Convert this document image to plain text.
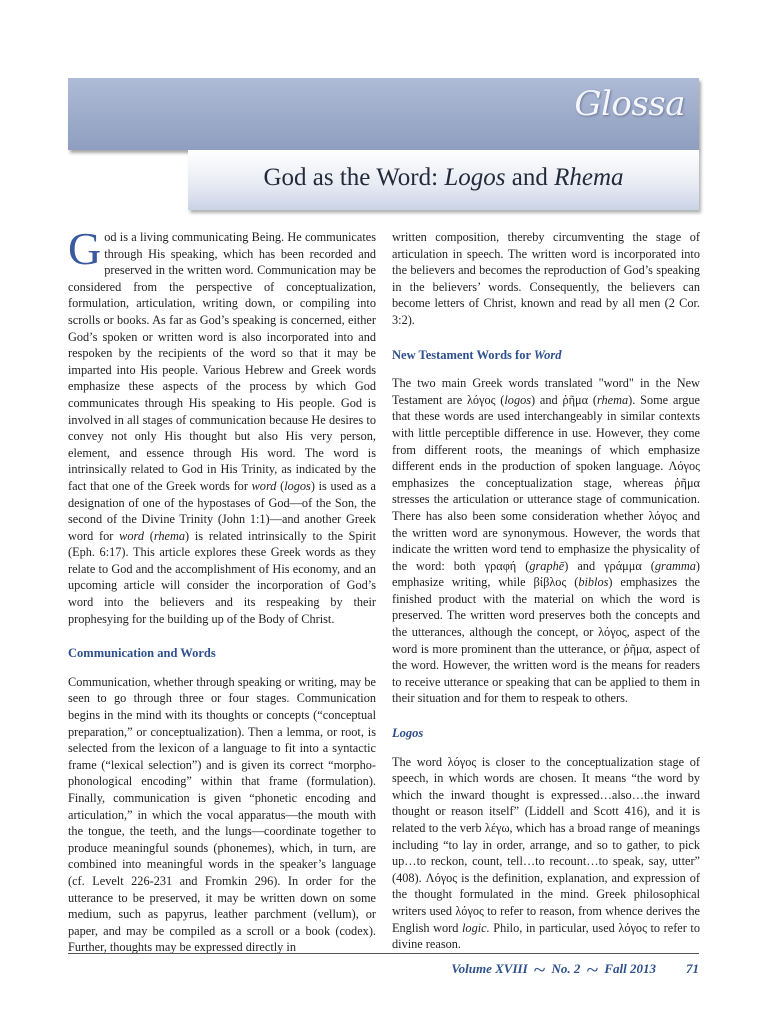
Glossa
God as the Word: Logos and Rhema

God is a living communicating Being. He communicates through His speaking, which has been recorded and preserved in the written word. Communication may be considered from the perspective of conceptualization, formulation, articulation, writing down, or compiling into scrolls or books. As far as God’s speaking is concerned, either God’s spoken or written word is also incorporated into and respoken by the recipients of the word so that it may be imparted into His people. Various Hebrew and Greek words emphasize these aspects of the process by which God communicates through His speaking to His people. God is involved in all stages of communication because He desires to convey not only His thought but also His very person, element, and essence through His word. The word is intrinsically related to God in His Trinity, as indicated by the fact that one of the Greek words for word (logos) is used as a designation of one of the hypostases of God—of the Son, the second of the Divine Trinity (John 1:1)—and another Greek word for word (rhema) is related intrinsically to the Spirit (Eph. 6:17). This article explores these Greek words as they relate to God and the accomplishment of His economy, and an upcoming article will consider the incorporation of God’s word into the believers and its respeaking by their prophesying for the building up of the Body of Christ.

Communication and Words

Communication, whether through speaking or writing, may be seen to go through three or four stages. Communication begins in the mind with its thoughts or concepts (“conceptual preparation,” or conceptualization). Then a lemma, or root, is selected from the lexicon of a language to fit into a syntactic frame (“lexical selection”) and is given its correct “morpho-phonological encoding” within that frame (formulation). Finally, communication is given “phonetic encoding and articulation,” in which the vocal apparatus—the mouth with the tongue, the teeth, and the lungs—coordinate together to produce meaningful sounds (phonemes), which, in turn, are combined into meaningful words in the speaker’s language (cf. Levelt 226-231 and Fromkin 296). In order for the utterance to be preserved, it may be written down on some medium, such as papyrus, leather parchment (vellum), or paper, and may be compiled as a scroll or a book (codex). Further, thoughts may be expressed directly in

written composition, thereby circumventing the stage of articulation in speech. The written word is incorporated into the believers and becomes the reproduction of God’s speaking in the believers’ words. Consequently, the believers can become letters of Christ, known and read by all men (2 Cor. 3:2).

New Testament Words for Word

The two main Greek words translated "word" in the New Testament are λόγος (logos) and ῥῆμα (rhema). Some argue that these words are used interchangeably in similar contexts with little perceptible difference in use. However, they come from different roots, the meanings of which emphasize different ends in the production of spoken language. Λόγος emphasizes the conceptualization stage, whereas ῥῆμα stresses the articulation or utterance stage of communication. There has also been some consideration whether λόγος and the written word are synonymous. However, the words that indicate the written word tend to emphasize the physicality of the word: both γραφή (graphē) and γράμμα (gramma) emphasize writing, while βίβλος (biblos) emphasizes the finished product with the material on which the word is preserved. The written word preserves both the concepts and the utterances, although the concept, or λόγος, aspect of the word is more prominent than the utterance, or ῥῆμα, aspect of the word. However, the written word is the means for readers to receive utterance or speaking that can be applied to them in their situation and for them to respeak to others.

Logos

The word λόγος is closer to the conceptualization stage of speech, in which words are chosen. It means “the word by which the inward thought is expressed…also…the inward thought or reason itself” (Liddell and Scott 416), and it is related to the verb λέγω, which has a broad range of meanings including “to lay in order, arrange, and so to gather, to pick up…to reckon, count, tell…to recount…to speak, say, utter” (408). Λόγος is the definition, explanation, and expression of the thought formulated in the mind. Greek philosophical writers used λόγος to refer to reason, from whence derives the English word logic. Philo, in particular, used λόγος to refer to divine reason.

Volume XVIII ~ No. 2 ~ Fall 2013 71
